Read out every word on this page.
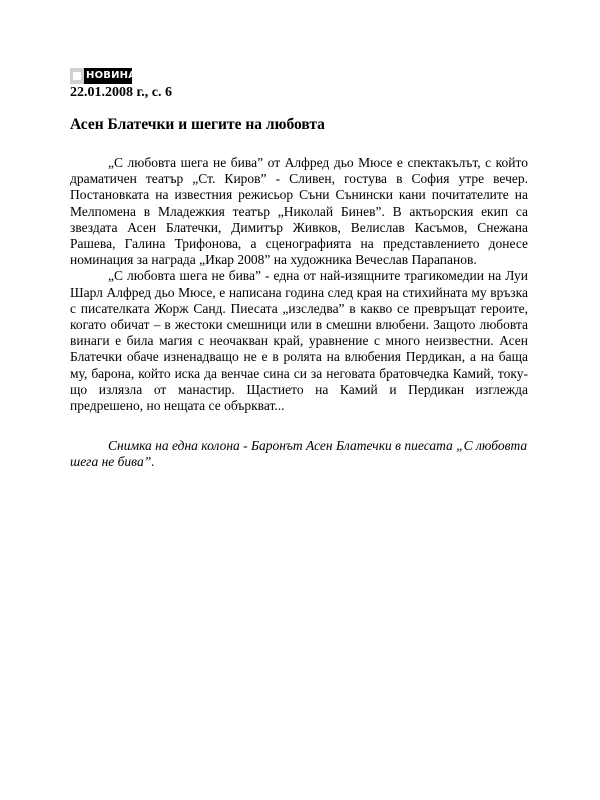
НОВИНАР
22.01.2008 г., с. 6
Асен Блатечки и шегите на любовта

„С любовта шега не бива” от Алфред дьо Мюсе е спектакълът, с който драматичен театър „Ст. Киров” - Сливен, гостува в София утре вечер. Постановката на известния режисьор Съни Сънински кани почитателите на Мелпомена в Младежкия театър „Николай Бинев”. В актьорския екип са звездата Асен Блатечки, Димитър Живков, Велислав Касъмов, Снежана Рашева, Галина Трифонова, а сценографията на представлението донесе номинация за награда „Икар 2008” на художника Вечеслав Парапанов.

„С любовта шега не бива” - една от най-изящните трагикомедии на Луи Шарл Алфред дьо Мюсе, е написана година след края на стихийната му връзка с писателката Жорж Санд. Пиесата „изследва” в какво се превръщат героите, когато обичат – в жестоки смешници или в смешни влюбени. Защото любовта винаги е била магия с неочакван край, уравнение с много неизвестни. Асен Блатечки обаче изненадващо не е в ролята на влюбения Пердикан, а на баща му, барона, който иска да венчае сина си за неговата братовчедка Камий, току-що излязла от манастир. Щастието на Камий и Пердикан изглежда предрешено, но нещата се объркват...

Снимка на една колона - Баронът Асен Блатечки в пиесата „С любовта шега не бива”.
